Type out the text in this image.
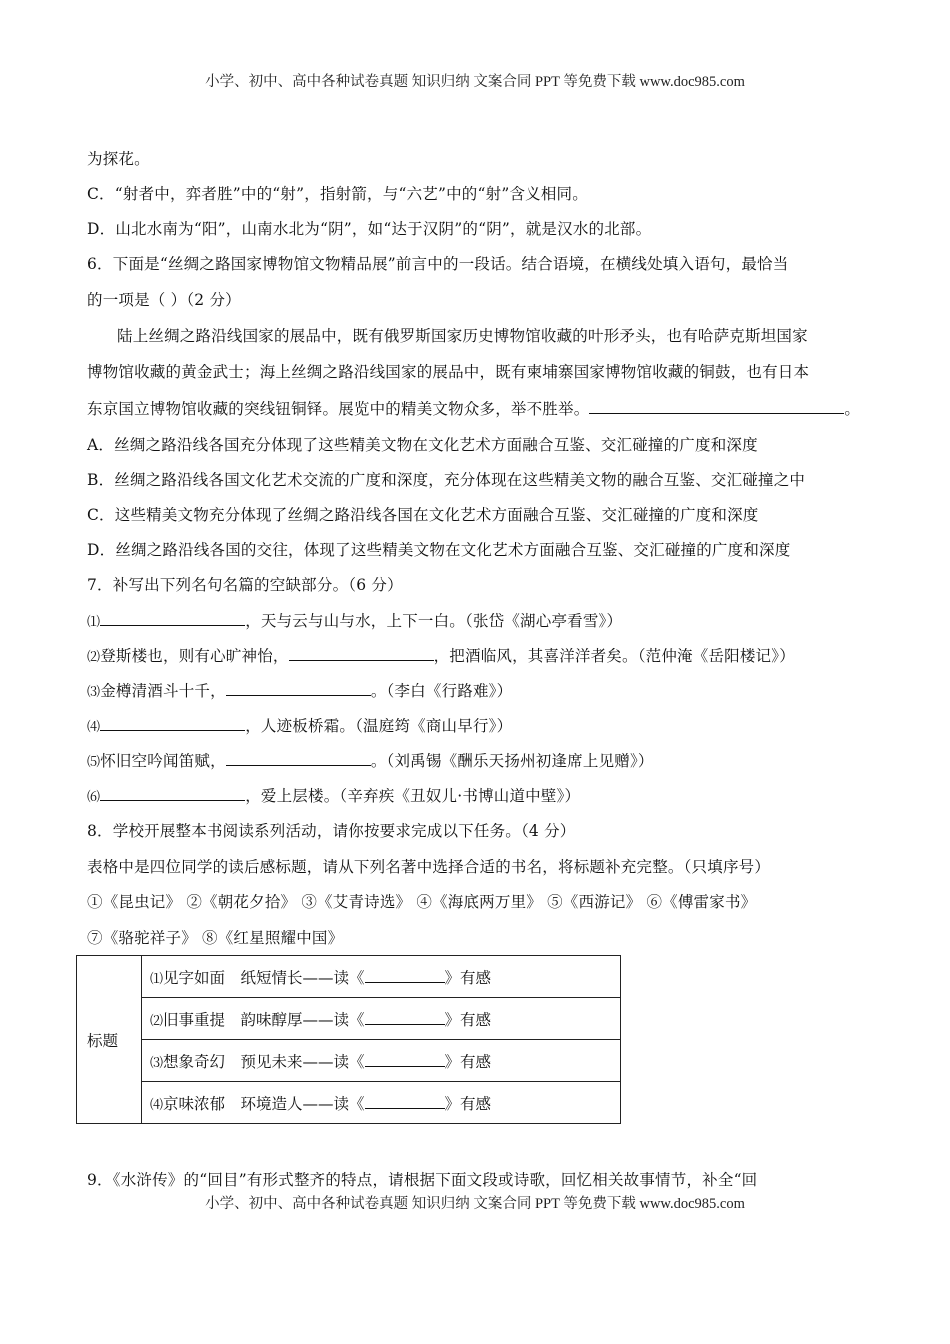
小学、初中、高中各种试卷真题 知识归纳 文案合同 PPT 等免费下载 www.doc985.com
为探花。
C．“射者中，弈者胜”中的“射”，指射箭，与“六艺”中的“射”含义相同。
D．山北水南为“阳”，山南水北为“阴”，如“达于汉阴”的“阴”，就是汉水的北部。
6．下面是“丝绸之路国家博物馆文物精品展”前言中的一段话。结合语境，在横线处填入语句，最恰当
的一项是（ ）（2 分）
陆上丝绸之路沿线国家的展品中，既有俄罗斯国家历史博物馆收藏的叶形矛头，也有哈萨克斯坦国家
博物馆收藏的黄金武士；海上丝绸之路沿线国家的展品中，既有柬埔寨国家博物馆收藏的铜鼓，也有日本
东京国立博物馆收藏的突线钮铜铎。展览中的精美文物众多，举不胜举。	。
A．丝绸之路沿线各国充分体现了这些精美文物在文化艺术方面融合互鉴、交汇碰撞的广度和深度
B．丝绸之路沿线各国文化艺术交流的广度和深度，充分体现在这些精美文物的融合互鉴、交汇碰撞之中
C．这些精美文物充分体现了丝绸之路沿线各国在文化艺术方面融合互鉴、交汇碰撞的广度和深度
D．丝绸之路沿线各国的交往，体现了这些精美文物在文化艺术方面融合互鉴、交汇碰撞的广度和深度
7．补写出下列名句名篇的空缺部分。（6 分）
⑴	，天与云与山与水，上下一白。（张岱《湖心亭看雪》）
⑵登斯楼也，则有心旷神怡，	，把酒临风，其喜洋洋者矣。（范仲淹《岳阳楼记》）
⑶金樽清酒斗十千，	。（李白《行路难》）
⑷	，人迹板桥霜。（温庭筠《商山早行》）
⑸怀旧空吟闻笛赋，	。（刘禹锡《酬乐天扬州初逢席上见赠》）
⑹	，爱上层楼。（辛弃疾《丑奴儿·书博山道中壁》）
8．学校开展整本书阅读系列活动，请你按要求完成以下任务。（4 分）
表格中是四位同学的读后感标题，请从下列名著中选择合适的书名，将标题补充完整。（只填序号）
①《昆虫记》 ②《朝花夕拾》 ③《艾青诗选》 ④《海底两万里》 ⑤《西游记》 ⑥《傅雷家书》
⑦《骆驼祥子》 ⑧《红星照耀中国》
标题	⑴见字如面　纸短情长——读《	》有感
⑵旧事重提　韵味醇厚——读《	》有感
⑶想象奇幻　预见未来——读《	》有感
⑷京味浓郁　环境造人——读《	》有感
9．《水浒传》的“回目”有形式整齐的特点，请根据下面文段或诗歌，回忆相关故事情节，补全“回
小学、初中、高中各种试卷真题 知识归纳 文案合同 PPT 等免费下载 www.doc985.com
